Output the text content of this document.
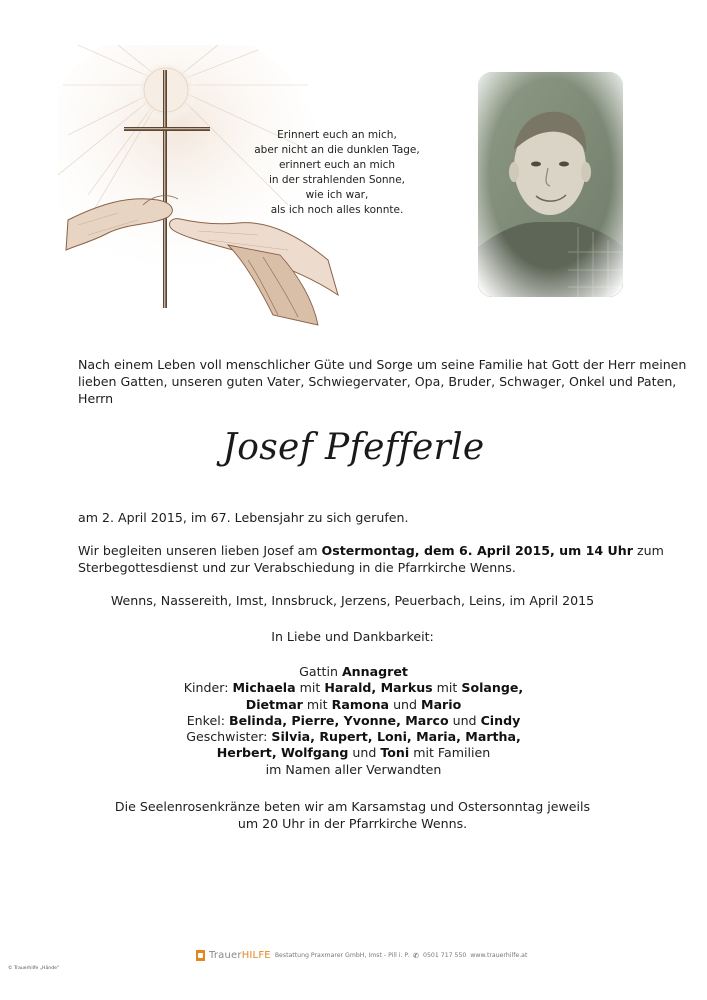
Erinnert euch an mich,
aber nicht an die dunklen Tage,
erinnert euch an mich
in der strahlenden Sonne,
wie ich war,
als ich noch alles konnte.
Nach einem Leben voll menschlicher Güte und Sorge um seine Familie hat Gott der Herr meinen
lieben Gatten, unseren guten Vater, Schwiegervater, Opa, Bruder, Schwager, Onkel und Paten,
Herrn
Josef Pfefferle
am 2. April 2015, im 67. Lebensjahr zu sich gerufen.
Wir begleiten unseren lieben Josef am Ostermontag, dem 6. April 2015, um 14 Uhr zum
Sterbegottesdienst und zur Verabschiedung in die Pfarrkirche Wenns.
Wenns, Nassereith, Imst, Innsbruck, Jerzens, Peuerbach, Leins, im April 2015
In Liebe und Dankbarkeit:
Gattin Annagret
Kinder: Michaela mit Harald, Markus mit Solange,
Dietmar mit Ramona und Mario
Enkel: Belinda, Pierre, Yvonne, Marco und Cindy
Geschwister: Silvia, Rupert, Loni, Maria, Martha,
Herbert, Wolfgang und Toni mit Familien
im Namen aller Verwandten
Die Seelenrosenkränze beten wir am Karsamstag und Ostersonntag jeweils
um 20 Uhr in der Pfarrkirche Wenns.
TrauerHILFE Bestattung Praxmarer GmbH, Imst - Pill i. P. ✆ 0501 717 550 www.trauerhilfe.at
© Trauerhilfe „Hände“
